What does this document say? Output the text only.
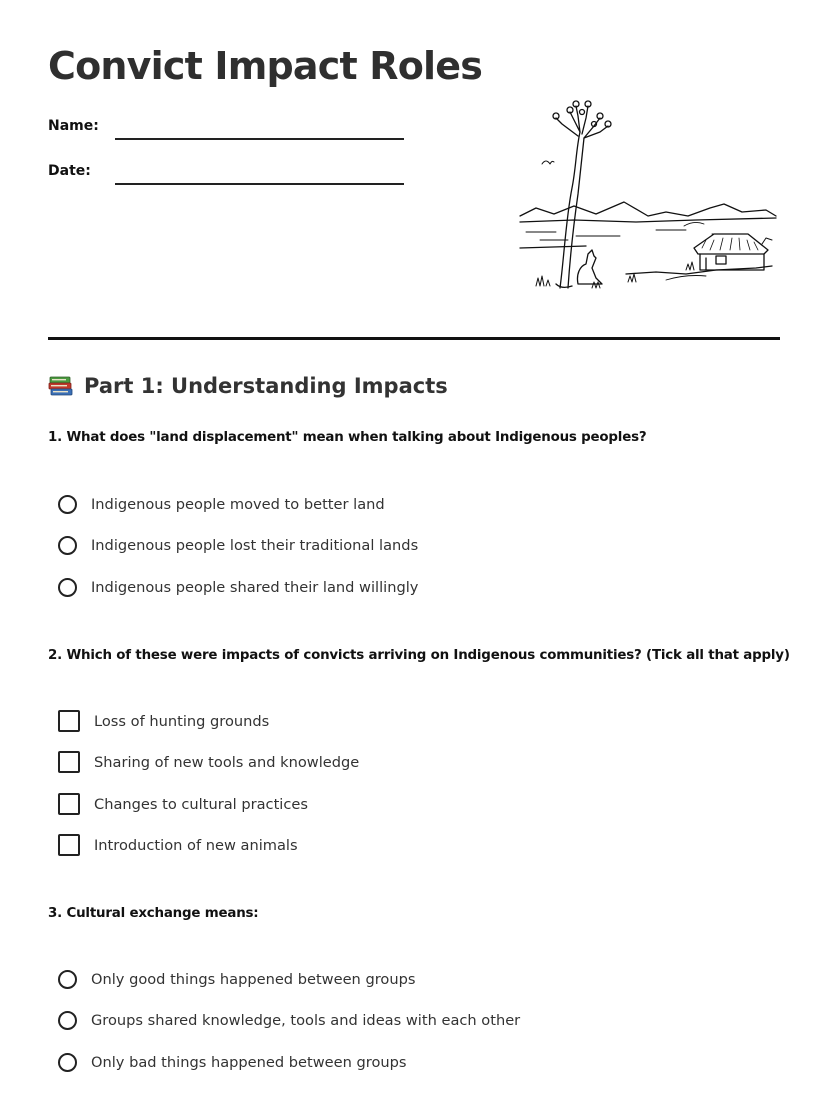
Convict Impact Roles
Name:
Date:
Part 1: Understanding Impacts
1. What does "land displacement" mean when talking about Indigenous peoples?
Indigenous people moved to better land
Indigenous people lost their traditional lands
Indigenous people shared their land willingly
2. Which of these were impacts of convicts arriving on Indigenous communities? (Tick all that apply)
Loss of hunting grounds
Sharing of new tools and knowledge
Changes to cultural practices
Introduction of new animals
3. Cultural exchange means:
Only good things happened between groups
Groups shared knowledge, tools and ideas with each other
Only bad things happened between groups
